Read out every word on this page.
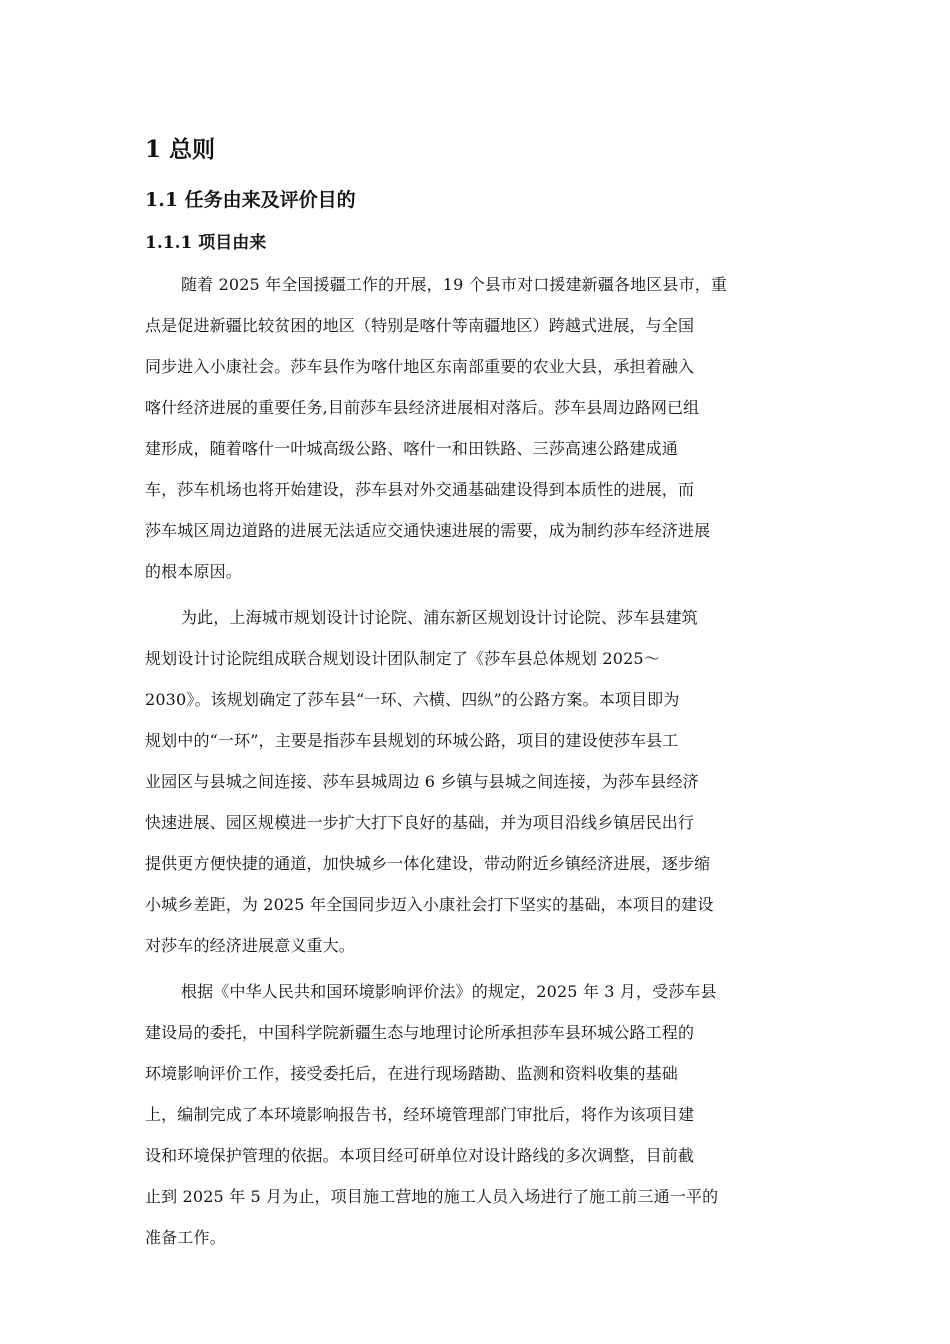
1 总则
1.1 任务由来及评价目的
1.1.1 项目由来
随着 2025 年全国援疆工作的开展，19 个县市对口援建新疆各地区县市，重
点是促进新疆比较贫困的地区（特别是喀什等南疆地区）跨越式进展，与全国
同步进入小康社会。莎车县作为喀什地区东南部重要的农业大县，承担着融入
喀什经济进展的重要任务,目前莎车县经济进展相对落后。莎车县周边路网已组
建形成，随着喀什一叶城高级公路、喀什一和田铁路、三莎高速公路建成通
车，莎车机场也将开始建设，莎车县对外交通基础建设得到本质性的进展，而
莎车城区周边道路的进展无法适应交通快速进展的需要，成为制约莎车经济进展
的根本原因。
为此，上海城市规划设计讨论院、浦东新区规划设计讨论院、莎车县建筑
规划设计讨论院组成联合规划设计团队制定了《莎车县总体规划 2025～
2030》。该规划确定了莎车县“一环、六横、四纵”的公路方案。本项目即为
规划中的“一环”，主要是指莎车县规划的环城公路，项目的建设使莎车县工
业园区与县城之间连接、莎车县城周边 6 乡镇与县城之间连接，为莎车县经济
快速进展、园区规模进一步扩大打下良好的基础，并为项目沿线乡镇居民出行
提供更方便快捷的通道，加快城乡一体化建设，带动附近乡镇经济进展，逐步缩
小城乡差距，为 2025 年全国同步迈入小康社会打下坚实的基础，本项目的建设
对莎车的经济进展意义重大。
根据《中华人民共和国环境影响评价法》的规定，2025 年 3 月，受莎车县
建设局的委托，中国科学院新疆生态与地理讨论所承担莎车县环城公路工程的
环境影响评价工作，接受委托后，在进行现场踏勘、监测和资料收集的基础
上，编制完成了本环境影响报告书，经环境管理部门审批后，将作为该项目建
设和环境保护管理的依据。本项目经可研单位对设计路线的多次调整，目前截
止到 2025 年 5 月为止，项目施工营地的施工人员入场进行了施工前三通一平的
准备工作。
